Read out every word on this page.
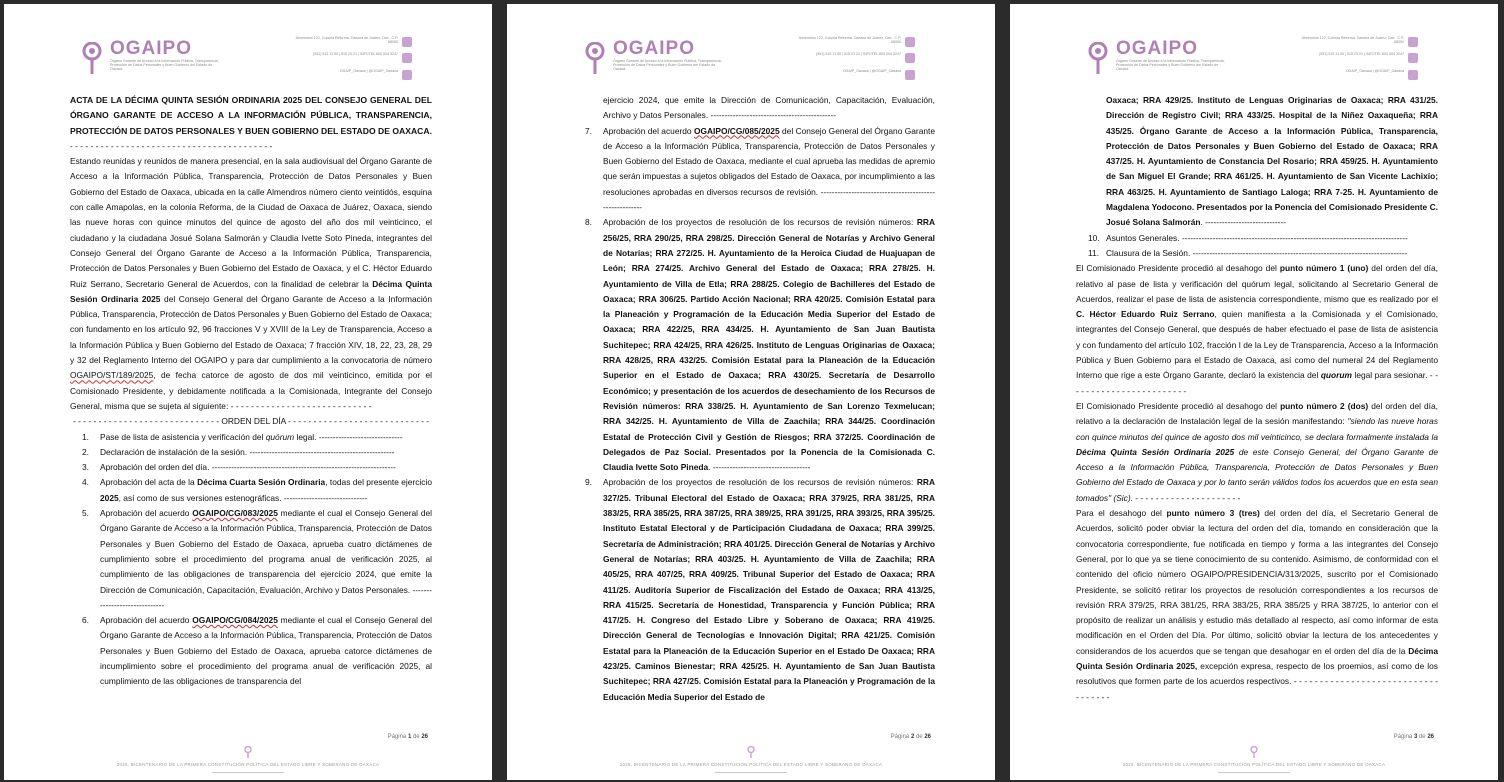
OGAIPO
Órgano Garante de Acceso a la Información Pública, Transparencia, Protección de Datos Personales y Buen Gobierno del Estado de Oaxaca
Almendros 122, Colonia Reforma, Oaxaca de Juárez, Oax., C.P. 68050
(951) 515 11 90 | 515 23 21 | INFOTEL 800 004 3247
OGAIP_Oaxaca | @OGAIP_Oaxaca

ACTA DE LA DÉCIMA QUINTA SESIÓN ORDINARIA 2025 DEL CONSEJO GENERAL DEL ÓRGANO GARANTE DE ACCESO A LA INFORMACIÓN PÚBLICA, TRANSPARENCIA, PROTECCIÓN DE DATOS PERSONALES Y BUEN GOBIERNO DEL ESTADO DE OAXACA. - - - - - - - - - - - - - - - - - - - - - - - - - - - - - - - - - - - - - - - -

Estando reunidas y reunidos de manera presencial, en la sala audiovisual del Órgano Garante de Acceso a la Información Pública, Transparencia, Protección de Datos Personales y Buen Gobierno del Estado de Oaxaca, ubicada en la calle Almendros número ciento veintidós, esquina con calle Amapolas, en la colonia Reforma, de la Ciudad de Oaxaca de Juárez, Oaxaca, siendo las nueve horas con quince minutos del quince de agosto del año dos mil veinticinco, el ciudadano y la ciudadana Josué Solana Salmorán y Claudia Ivette Soto Pineda, integrantes del Consejo General del Órgano Garante de Acceso a la Información Pública, Transparencia, Protección de Datos Personales y Buen Gobierno del Estado de Oaxaca, y el C. Héctor Eduardo Ruiz Serrano, Secretario General de Acuerdos, con la finalidad de celebrar la Décima Quinta Sesión Ordinaria 2025 del Consejo General del Órgano Garante de Acceso a la Información Pública, Transparencia, Protección de Datos Personales y Buen Gobierno del Estado de Oaxaca; con fundamento en los artículo 92, 96 fracciones V y XVIII de la Ley de Transparencia, Acceso a la Información Pública y Buen Gobierno del Estado de Oaxaca; 7 fracción XIV, 18, 22, 23, 28, 29 y 32 del Reglamento Interno del OGAIPO y para dar cumplimiento a la convocatoria de número OGAIPO/ST/189/2025, de fecha catorce de agosto de dos mil veinticinco, emitida por el Comisionado Presidente, y debidamente notificada a la Comisionada, Integrante del Consejo General, misma que se sujeta al siguiente: - - - - - - - - - - - - - - - - - - - - - - - - - - - -

- - - - - - - - - - - - - - - - - - - - - - - - - - - - - ORDEN DEL DÍA - - - - - - - - - - - - - - - - - - - - - - - - - - - -

1. Pase de lista de asistencia y verificación del quórum legal. ------------------------------
2. Declaración de instalación de la sesión. ----------------------------------------------------
3. Aprobación del orden del día. ------------------------------------------------------------------
4. Aprobación del acta de la Décima Cuarta Sesión Ordinaria, todas del presente ejercicio 2025, así como de sus versiones estenográficas. ------------------------------
5. Aprobación del acuerdo OGAIPO/CG/083/2025 mediante el cual el Consejo General del Órgano Garante de Acceso a la Información Pública, Transparencia, Protección de Datos Personales y Buen Gobierno del Estado de Oaxaca, aprueba cuatro dictámenes de cumplimiento sobre el procedimiento del programa anual de verificación 2025, al cumplimiento de las obligaciones de transparencia del ejercicio 2024, que emite la Dirección de Comunicación, Capacitación, Evaluación, Archivo y Datos Personales. ------------------------------
6. Aprobación del acuerdo OGAIPO/CG/084/2025 mediante el cual el Consejo General del Órgano Garante de Acceso a la Información Pública, Transparencia, Protección de Datos Personales y Buen Gobierno del Estado de Oaxaca, aprueba catorce dictámenes de incumplimiento sobre el procedimiento del programa anual de verificación 2025, al cumplimiento de las obligaciones de transparencia del
Página 1 de 26
2025, BICENTENARIO DE LA PRIMERA CONSTITUCIÓN POLÍTICA DEL ESTADO LIBRE Y SOBERANO DE OAXACA
OGAIPO
Órgano Garante de Acceso a la Información Pública, Transparencia, Protección de Datos Personales y Buen Gobierno del Estado de Oaxaca
Almendros 122, Colonia Reforma, Oaxaca de Juárez, Oax., C.P. 68050
(951) 515 11 90 | 515 23 21 | INFOTEL 800 004 3247
OGAIP_Oaxaca | @OGAIP_Oaxaca

ejercicio 2024, que emite la Dirección de Comunicación, Capacitación, Evaluación, Archivo y Datos Personales. ---------------------------------------------

7. Aprobación del acuerdo OGAIPO/CG/085/2025 del Consejo General del Órgano Garante de Acceso a la Información Pública, Transparencia, Protección de Datos Personales y Buen Gobierno del Estado de Oaxaca, mediante el cual aprueba las medidas de apremio que serán impuestas a sujetos obligados del Estado de Oaxaca, por incumplimiento a las resoluciones aprobadas en diversos recursos de revisión. -------------------------------------------------------
8. Aprobación de los proyectos de resolución de los recursos de revisión números: RRA 256/25, RRA 290/25, RRA 298/25. Dirección General de Notarías y Archivo General de Notarías; RRA 272/25. H. Ayuntamiento de la Heroica Ciudad de Huajuapan de León; RRA 274/25. Archivo General del Estado de Oaxaca; RRA 278/25. H. Ayuntamiento de Villa de Etla; RRA 288/25. Colegio de Bachilleres del Estado de Oaxaca; RRA 306/25. Partido Acción Nacional; RRA 420/25. Comisión Estatal para la Planeación y Programación de la Educación Media Superior del Estado de Oaxaca; RRA 422/25, RRA 434/25. H. Ayuntamiento de San Juan Bautista Suchitepec; RRA 424/25, RRA 426/25. Instituto de Lenguas Originarias de Oaxaca; RRA 428/25, RRA 432/25. Comisión Estatal para la Planeación de la Educación Superior en el Estado de Oaxaca; RRA 430/25. Secretaría de Desarrollo Económico; y presentación de los acuerdos de desechamiento de los Recursos de Revisión números: RRA 338/25. H. Ayuntamiento de San Lorenzo Texmelucan; RRA 342/25. H. Ayuntamiento de Villa de Zaachila; RRA 344/25. Coordinación Estatal de Protección Civil y Gestión de Riesgos; RRA 372/25. Coordinación de Delegados de Paz Social. Presentados por la Ponencia de la Comisionada C. Claudia Ivette Soto Pineda. -----------------------------------
9. Aprobación de los proyectos de resolución de los recursos de revisión números: RRA 327/25. Tribunal Electoral del Estado de Oaxaca; RRA 379/25, RRA 381/25, RRA 383/25, RRA 385/25, RRA 387/25, RRA 389/25, RRA 391/25, RRA 393/25, RRA 395/25. Instituto Estatal Electoral y de Participación Ciudadana de Oaxaca; RRA 399/25. Secretaría de Administración; RRA 401/25. Dirección General de Notarías y Archivo General de Notarías; RRA 403/25. H. Ayuntamiento de Villa de Zaachila; RRA 405/25, RRA 407/25, RRA 409/25. Tribunal Superior del Estado de Oaxaca; RRA 411/25. Auditoría Superior de Fiscalización del Estado de Oaxaca; RRA 413/25, RRA 415/25. Secretaría de Honestidad, Transparencia y Función Pública; RRA 417/25. H. Congreso del Estado Libre y Soberano de Oaxaca; RRA 419/25. Dirección General de Tecnologías e Innovación Digital; RRA 421/25. Comisión Estatal para la Planeación de la Educación Superior en el Estado De Oaxaca; RRA 423/25. Caminos Bienestar; RRA 425/25. H. Ayuntamiento de San Juan Bautista Suchitepec; RRA 427/25. Comisión Estatal para la Planeación y Programación de la Educación Media Superior del Estado de
Página 2 de 26
2025, BICENTENARIO DE LA PRIMERA CONSTITUCIÓN POLÍTICA DEL ESTADO LIBRE Y SOBERANO DE OAXACA
OGAIPO
Órgano Garante de Acceso a la Información Pública, Transparencia, Protección de Datos Personales y Buen Gobierno del Estado de Oaxaca
Almendros 122, Colonia Reforma, Oaxaca de Juárez, Oax., C.P. 68050
(951) 515 11 90 | 515 23 21 | INFOTEL 800 004 3247
OGAIP_Oaxaca | @OGAIP_Oaxaca

Oaxaca; RRA 429/25. Instituto de Lenguas Originarias de Oaxaca; RRA 431/25. Dirección de Registro Civil; RRA 433/25. Hospital de la Niñez Oaxaqueña; RRA 435/25. Órgano Garante de Acceso a la Información Pública, Transparencia, Protección de Datos Personales y Buen Gobierno del Estado de Oaxaca; RRA 437/25. H. Ayuntamiento de Constancia Del Rosario; RRA 459/25. H. Ayuntamiento de San Miguel El Grande; RRA 461/25. H. Ayuntamiento de San Vicente Lachixío; RRA 463/25. H. Ayuntamiento de Santiago Laloga; RRA 7-25. H. Ayuntamiento de Magdalena Yodocono. Presentados por la Ponencia del Comisionado Presidente C. Josué Solana Salmorán. -----------------------------

10. Asuntos Generales. ---------------------------------------------------------------------------------
11. Clausura de la Sesión. -----------------------------------------------------------------------------

El Comisionado Presidente procedió al desahogo del punto número 1 (uno) del orden del día, relativo al pase de lista y verificación del quórum legal, solicitando al Secretario General de Acuerdos, realizar el pase de lista de asistencia correspondiente, mismo que es realizado por el C. Héctor Eduardo Ruiz Serrano, quien manifiesta a la Comisionada y el Comisionado, integrantes del Consejo General, que después de haber efectuado el pase de lista de asistencia y con fundamento del artículo 102, fracción I de la Ley de Transparencia, Acceso a la Información Pública y Buen Gobierno para el Estado de Oaxaca, así como del numeral 24 del Reglamento Interno que rige a este Órgano Garante, declaró la existencia del quorum legal para sesionar. - - - - - - - - - - - - - - - - - - - - - - - -

El Comisionado Presidente procedió al desahogo del punto número 2 (dos) del orden del día, relativo a la declaración de Instalación legal de la sesión manifestando: "siendo las nueve horas con quince minutos del quince de agosto dos mil veinticinco, se declara formalmente instalada la Décima Quinta Sesión Ordinaria 2025 de este Consejo General, del Órgano Garante de Acceso a la Información Pública, Transparencia, Protección de Datos Personales y Buen Gobierno del Estado de Oaxaca y por lo tanto serán válidos todos los acuerdos que en esta sean tomados" (Sic). - - - - - - - - - - - - - - - - - - - - -

Para el desahogo del punto número 3 (tres) del orden del día, el Secretario General de Acuerdos, solicitó poder obviar la lectura del orden del día, tomando en consideración que la convocatoria correspondiente, fue notificada en tiempo y forma a las integrantes del Consejo General, por lo que ya se tiene conocimiento de su contenido. Asimismo, de conformidad con el contenido del oficio número OGAIPO/PRESIDENCIA/313/2025, suscrito por el Comisionado Presidente, se solicitó retirar los proyectos de resolución correspondientes a los recursos de revisión RRA 379/25, RRA 381/25, RRA 383/25, RRA 385/25 y RRA 387/25, lo anterior con el propósito de realizar un análisis y estudio más detallado al respecto, así como informar de esta modificación en el Orden del Día. Por último, solicitó obviar la lectura de los antecedentes y considerandos de los acuerdos que se tengan que desahogar en el orden del día de la Décima Quinta Sesión Ordinaria 2025, excepción expresa, respecto de los proemios, así como de los resolutivos que formen parte de los acuerdos respectivos. - - - - - - - - - - - - - - - - - - - - - - - - - - - - - - - - - - -

Página 3 de 26
2025, BICENTENARIO DE LA PRIMERA CONSTITUCIÓN POLÍTICA DEL ESTADO LIBRE Y SOBERANO DE OAXACA
